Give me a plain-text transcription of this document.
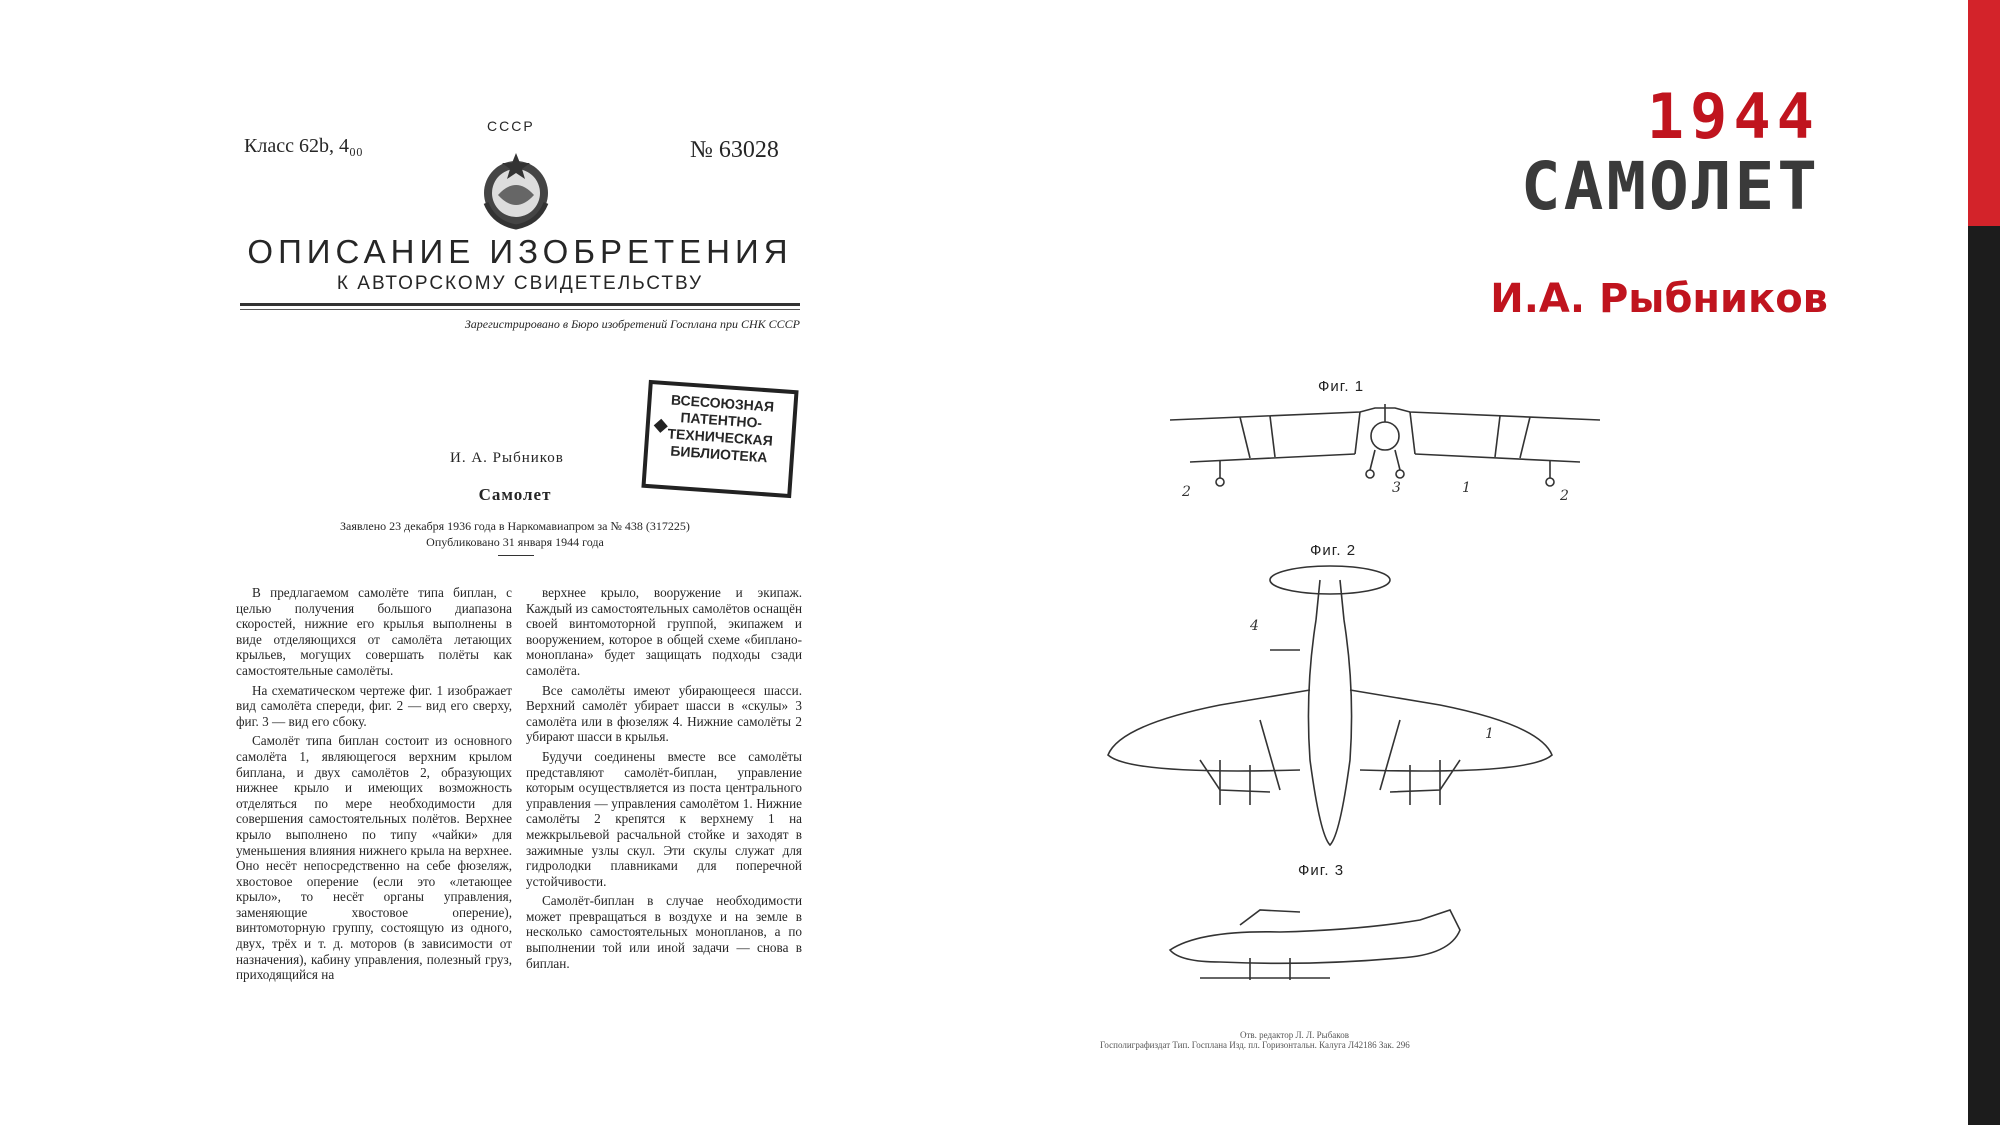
1944
САМОЛЕТ
И.А. Рыбников
Класс 62b, 4₀₀
СССР
№ 63028
ОПИСАНИЕ ИЗОБРЕТЕНИЯ
К АВТОРСКОМУ СВИДЕТЕЛЬСТВУ
Зарегистрировано в Бюро изобретений Госплана при СНК СССР
ВСЕСОЮЗНАЯ
ПАТЕНТНО-
ТЕХНИЧЕСКАЯ
БИБЛИОТЕКА
И. А. Рыбников
Самолет
Заявлено 23 декабря 1936 года в Наркомавиапром за № 438 (317225)
Опубликовано 31 января 1944 года

В предлагаемом самолёте типа биплан, с целью получения большого диапазона скоростей, нижние его крылья выполнены в виде отделяющихся от самолёта летающих крыльев, могущих совершать полёты как самостоятельные самолёты.

На схематическом чертеже фиг. 1 изображает вид самолёта спереди, фиг. 2 — вид его сверху, фиг. 3 — вид его сбоку.

Самолёт типа биплан состоит из основного самолёта 1, являющегося верхним крылом биплана, и двух самолётов 2, образующих нижнее крыло и имеющих возможность отделяться по мере необходимости для совершения самостоятельных полётов. Верхнее крыло выполнено по типу «чайки» для уменьшения влияния нижнего крыла на верхнее. Оно несёт непосредственно на себе фюзеляж, хвостовое оперение (если это «летающее крыло», то несёт органы управления, заменяющие хвостовое оперение), винтомоторную группу, состоящую из одного, двух, трёх и т. д. моторов (в зависимости от назначения), кабину управления, полезный груз, приходящийся на

верхнее крыло, вооружение и экипаж. Каждый из самостоятельных самолётов оснащён своей винтомоторной группой, экипажем и вооружением, которое в общей схеме «биплано-моноплана» будет защищать подходы сзади самолёта.

Все самолёты имеют убирающееся шасси. Верхний самолёт убирает шасси в «скулы» 3 самолёта или в фюзеляж 4. Нижние самолёты 2 убирают шасси в крылья.

Будучи соединены вместе все самолёты представляют самолёт-биплан, управление которым осуществляется из поста центрального управления — управления самолётом 1. Нижние самолёты 2 крепятся к верхнему 1 на межкрыльевой расчальной стойке и заходят в зажимные узлы скул. Эти скулы служат для гидролодки плавниками для поперечной устойчивости.

Самолёт-биплан в случае необходимости может превращаться в воздухе и на земле в несколько самостоятельных монопланов, а по выполнении той или иной задачи — снова в биплан.

Фиг. 1
2	3	1	2
Фиг. 2
4
1
Фиг. 3
Отв. редактор Л. Л. Рыбаков
Госполиграфиздат Тип. Госплана Изд. пл. Горизонтальн. Калуга Л42186 Зак. 296
